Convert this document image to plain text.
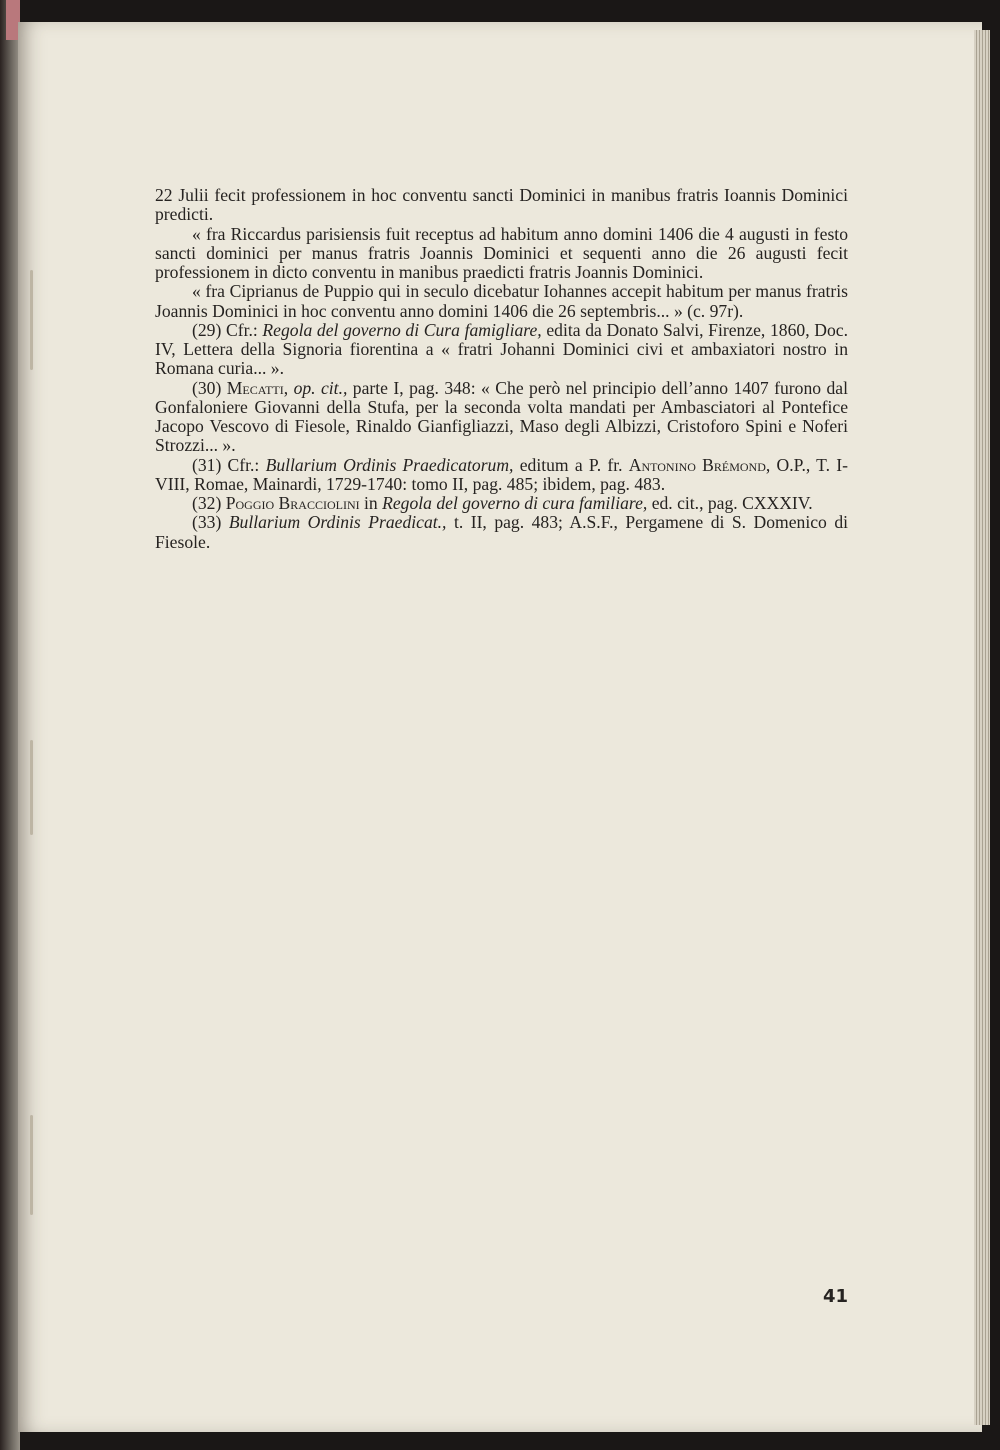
22 Julii fecit professionem in hoc conventu sancti Dominici in manibus fratris Ioannis Dominici predicti.

« fra Riccardus parisiensis fuit receptus ad habitum anno domini 1406 die 4 augusti in festo sancti dominici per manus fratris Joannis Dominici et sequenti anno die 26 augusti fecit professionem in dicto conventu in manibus praedicti fratris Joannis Dominici.

« fra Ciprianus de Puppio qui in seculo dicebatur Iohannes accepit habitum per manus fratris Joannis Dominici in hoc conventu anno domini 1406 die 26 septembris... » (c. 97r).

(29) Cfr.: Regola del governo di Cura famigliare, edita da Donato Salvi, Firenze, 1860, Doc. IV, Lettera della Signoria fiorentina a « fratri Johanni Dominici civi et ambaxiatori nostro in Romana curia... ».

(30) Mecatti, op. cit., parte I, pag. 348: « Che però nel principio dell’anno 1407 furono dal Gonfaloniere Giovanni della Stufa, per la seconda volta mandati per Ambasciatori al Pontefice Jacopo Vescovo di Fiesole, Rinaldo Gianfigliazzi, Maso degli Albizzi, Cristoforo Spini e Noferi Strozzi... ».

(31) Cfr.: Bullarium Ordinis Praedicatorum, editum a P. fr. Antonino Brémond, O.P., T. I-VIII, Romae, Mainardi, 1729-1740: tomo II, pag. 485; ibidem, pag. 483.

(32) Poggio Bracciolini in Regola del governo di cura familiare, ed. cit., pag. CXXXIV.

(33) Bullarium Ordinis Praedicat., t. II, pag. 483; A.S.F., Pergamene di S. Domenico di Fiesole.

41
